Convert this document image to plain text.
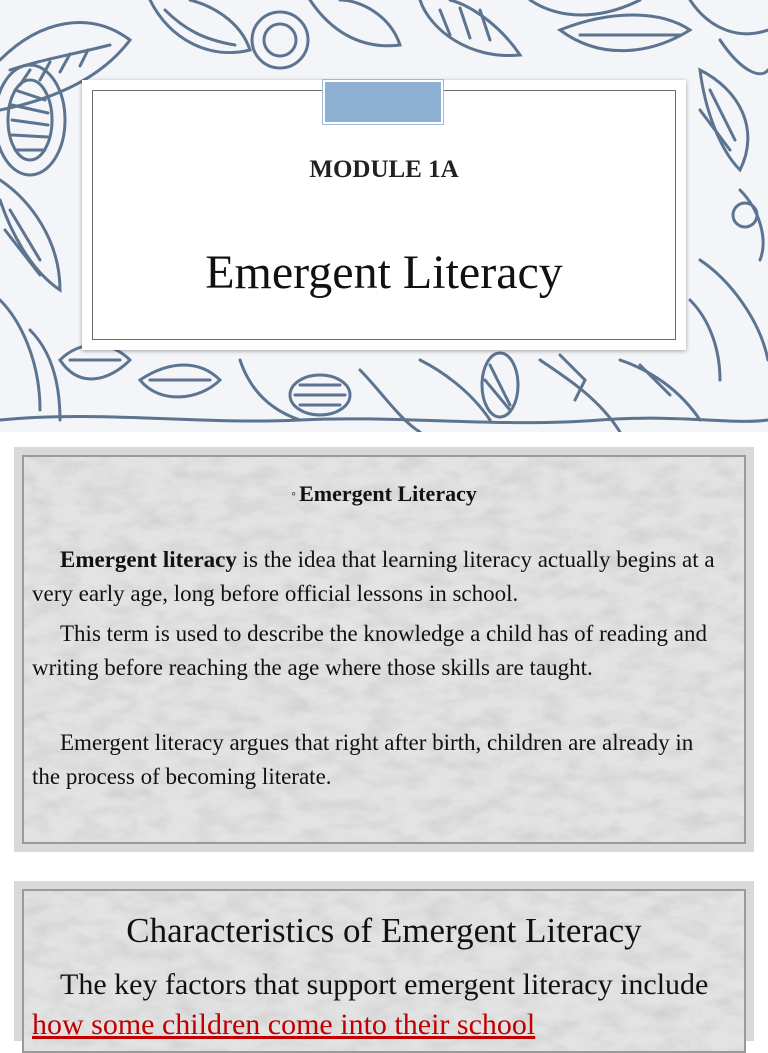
MODULE 1A
Emergent Literacy
◦ Emergent Literacy
Emergent literacy is the idea that learning literacy actually begins at a very early age, long before official lessons in school.
This term is used to describe the knowledge a child has of reading and writing before reaching the age where those skills are taught.
Emergent literacy argues that right after birth, children are already in the process of becoming literate.
Characteristics of Emergent Literacy
The key factors that support emergent literacy include how some children come into their school
